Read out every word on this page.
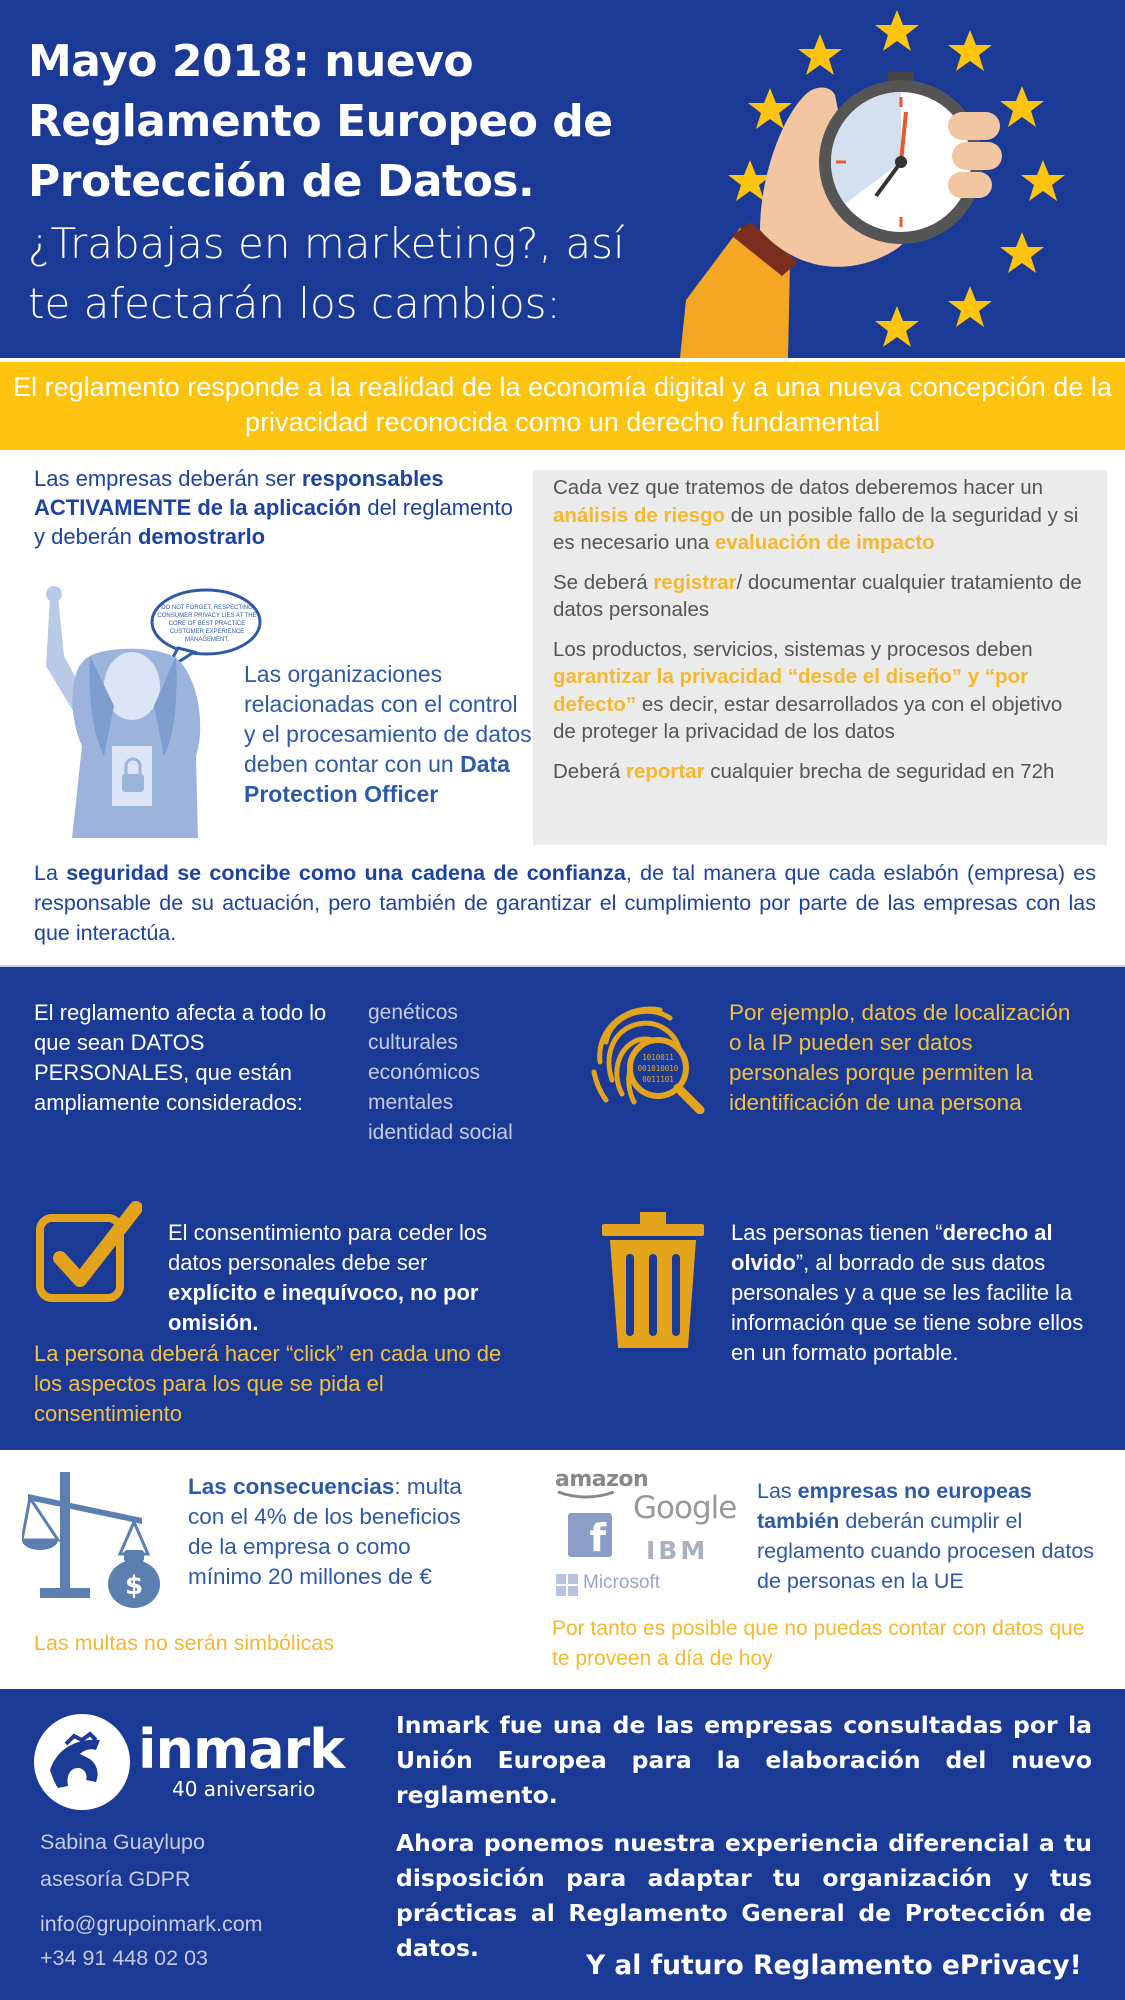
Mayo 2018: nuevo Reglamento Europeo de Protección de Datos.
¿Trabajas en marketing?, así te afectarán los cambios:
El reglamento responde a la realidad de la economía digital y a una nueva concepción de la privacidad reconocida como un derecho fundamental
Las empresas deberán ser responsables ACTIVAMENTE de la aplicación del reglamento y deberán demostrarlo
DO NOT FORGET, RESPECTING CONSUMER PRIVACY LIES AT THE CORE OF BEST PRACTICE CUSTOMER EXPERIENCE MANAGEMENT.
Las organizaciones relacionadas con el control y el procesamiento de datos deben contar con un Data Protection Officer

Cada vez que tratemos de datos deberemos hacer un análisis de riesgo de un posible fallo de la seguridad y si es necesario una evaluación de impacto

Se deberá registrar/ documentar cualquier tratamiento de datos personales

Los productos, servicios, sistemas y procesos deben garantizar la privacidad “desde el diseño” y “por defecto” es decir, estar desarrollados ya con el objetivo de proteger la privacidad de los datos

Deberá reportar cualquier brecha de seguridad en 72h

La seguridad se concibe como una cadena de confianza, de tal manera que cada eslabón (empresa) es responsable de su actuación, pero también de garantizar el cumplimiento por parte de las empresas con las que interactúa.
El reglamento afecta a todo lo que sean DATOS PERSONALES, que están ampliamente considerados:
genéticos
culturales
económicos
mentales
identidad social
1010011
001010010
0011101
Por ejemplo, datos de localización o la IP pueden ser datos personales porque permiten la identificación de una persona
El consentimiento para ceder los datos personales debe ser explícito e inequívoco, no por omisión.
La persona deberá hacer “click” en cada uno de los aspectos para los que se pida el consentimiento
Las personas tienen “derecho al olvido”, al borrado de sus datos personales y a que se les facilite la información que se tiene sobre ellos en un formato portable.
$
Las consecuencias: multa con el 4% de los beneficios de la empresa o como mínimo 20 millones de €
Las multas no serán simbólicas
amazon
f
Google
IBM
Microsoft
Las empresas no europeas también deberán cumplir el reglamento cuando procesen datos de personas en la UE
Por tanto es posible que no puedas contar con datos que te proveen a día de hoy
inmark
40 aniversario
Sabina Guaylupo
asesoría GDPR
info@grupoinmark.com
+34 91 448 02 03
Inmark fue una de las empresas consultadas por la Unión Europea para la elaboración del nuevo reglamento.
Ahora ponemos nuestra experiencia diferencial a tu disposición para adaptar tu organización y tus prácticas al Reglamento General de Protección de datos.
Y al futuro Reglamento ePrivacy!
